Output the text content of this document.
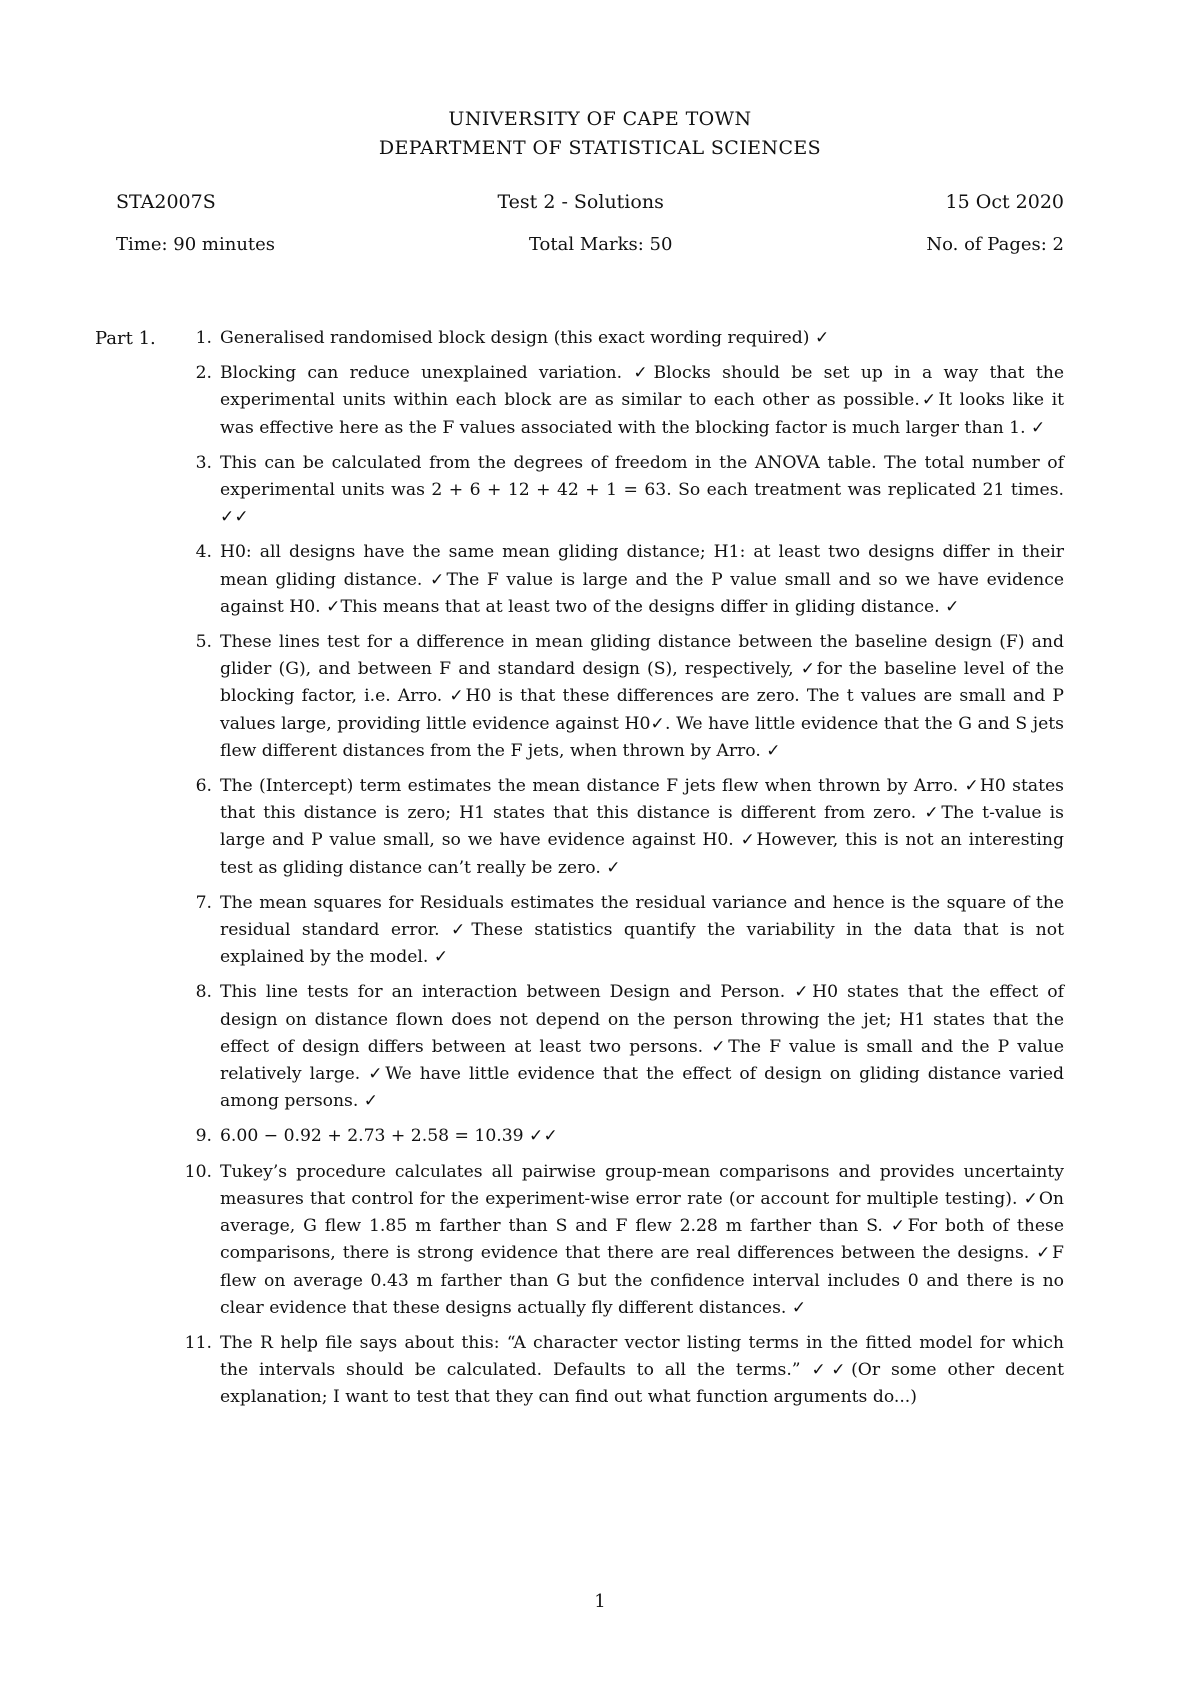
UNIVERSITY OF CAPE TOWN
DEPARTMENT OF STATISTICAL SCIENCES
STA2007S	Test 2 - Solutions	15 Oct 2020
Time: 90 minutes	Total Marks: 50	No. of Pages: 2
Part 1.	1. Generalised randomised block design (this exact wording required) ✓
2. Blocking can reduce unexplained variation. ✓Blocks should be set up in a way that the experimental units within each block are as similar to each other as possible.✓It looks like it was effective here as the F values associated with the blocking factor is much larger than 1. ✓
3. This can be calculated from the degrees of freedom in the ANOVA table. The total number of experimental units was 2 + 6 + 12 + 42 + 1 = 63. So each treatment was replicated 21 times. ✓✓
4. H0: all designs have the same mean gliding distance; H1: at least two designs differ in their mean gliding distance. ✓The F value is large and the P value small and so we have evidence against H0. ✓This means that at least two of the designs differ in gliding distance. ✓
5. These lines test for a difference in mean gliding distance between the baseline design (F) and glider (G), and between F and standard design (S), respectively, ✓for the baseline level of the blocking factor, i.e. Arro. ✓H0 is that these differences are zero. The t values are small and P values large, providing little evidence against H0✓. We have little evidence that the G and S jets flew different distances from the F jets, when thrown by Arro. ✓
6. The (Intercept) term estimates the mean distance F jets flew when thrown by Arro. ✓H0 states that this distance is zero; H1 states that this distance is different from zero. ✓The t-value is large and P value small, so we have evidence against H0. ✓However, this is not an interesting test as gliding distance can’t really be zero. ✓
7. The mean squares for Residuals estimates the residual variance and hence is the square of the residual standard error. ✓These statistics quantify the variability in the data that is not explained by the model. ✓
8. This line tests for an interaction between Design and Person. ✓H0 states that the effect of design on distance flown does not depend on the person throwing the jet; H1 states that the effect of design differs between at least two persons. ✓The F value is small and the P value relatively large. ✓We have little evidence that the effect of design on gliding distance varied among persons. ✓
9. 6.00 − 0.92 + 2.73 + 2.58 = 10.39 ✓✓
10. Tukey’s procedure calculates all pairwise group-mean comparisons and provides uncertainty measures that control for the experiment-wise error rate (or account for multiple testing). ✓On average, G flew 1.85 m farther than S and F flew 2.28 m farther than S. ✓For both of these comparisons, there is strong evidence that there are real differences between the designs. ✓F flew on average 0.43 m farther than G but the confidence interval includes 0 and there is no clear evidence that these designs actually fly different distances. ✓
11. The R help file says about this: “A character vector listing terms in the fitted model for which the intervals should be calculated. Defaults to all the terms.” ✓✓(Or some other decent explanation; I want to test that they can find out what function arguments do...)
1
